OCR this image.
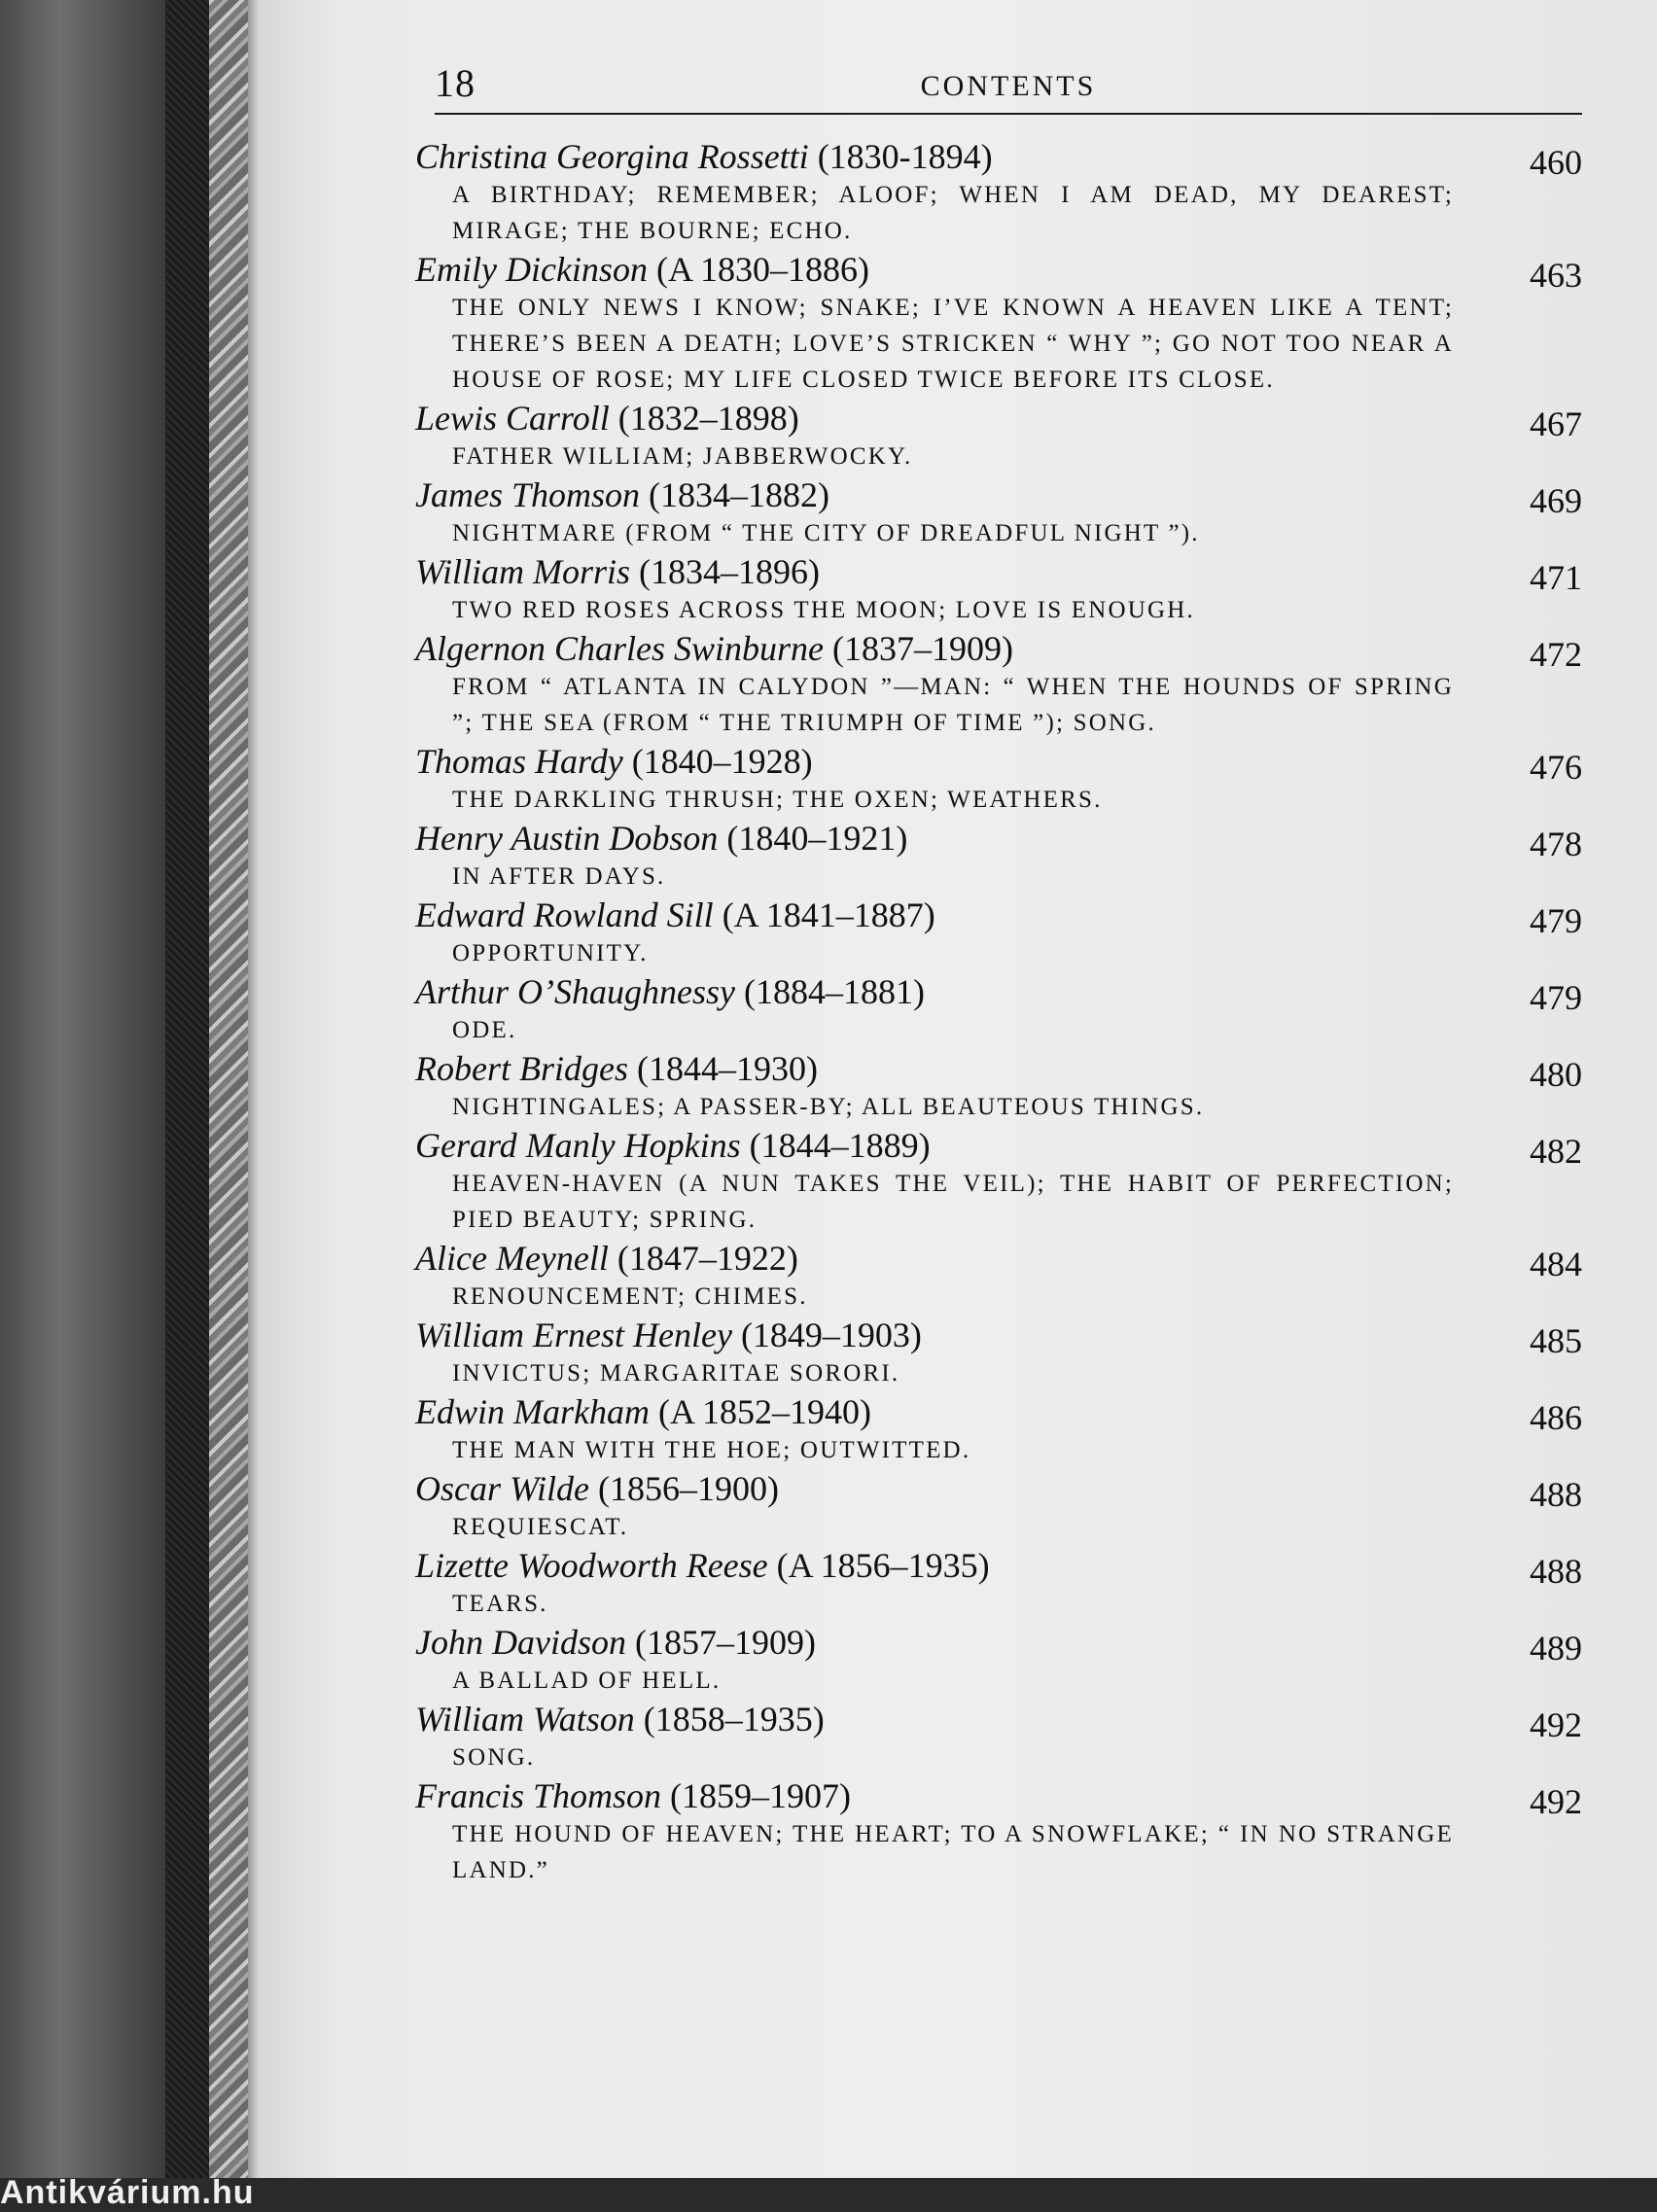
18	CONTENTS
Christina Georgina Rossetti (1830-1894)
A BIRTHDAY; REMEMBER; ALOOF; WHEN I AM DEAD, MY DEAREST; MIRAGE; THE BOURNE; ECHO.
460
Emily Dickinson (A 1830–1886)
THE ONLY NEWS I KNOW; SNAKE; I’VE KNOWN A HEAVEN LIKE A TENT; THERE’S BEEN A DEATH; LOVE’S STRICKEN “ WHY ”; GO NOT TOO NEAR A HOUSE OF ROSE; MY LIFE CLOSED TWICE BEFORE ITS CLOSE.
463
Lewis Carroll (1832–1898)
FATHER WILLIAM; JABBERWOCKY.
467
James Thomson (1834–1882)
NIGHTMARE (FROM “ THE CITY OF DREADFUL NIGHT ”).
469
William Morris (1834–1896)
TWO RED ROSES ACROSS THE MOON; LOVE IS ENOUGH.
471
Algernon Charles Swinburne (1837–1909)
FROM “ ATLANTA IN CALYDON ”—MAN: “ WHEN THE HOUNDS OF SPRING ”; THE SEA (FROM “ THE TRIUMPH OF TIME ”); SONG.
472
Thomas Hardy (1840–1928)
THE DARKLING THRUSH; THE OXEN; WEATHERS.
476
Henry Austin Dobson (1840–1921)
IN AFTER DAYS.
478
Edward Rowland Sill (A 1841–1887)
OPPORTUNITY.
479
Arthur O’Shaughnessy (1884–1881)
ODE.
479
Robert Bridges (1844–1930)
NIGHTINGALES; A PASSER-BY; ALL BEAUTEOUS THINGS.
480
Gerard Manly Hopkins (1844–1889)
HEAVEN-HAVEN (A NUN TAKES THE VEIL); THE HABIT OF PERFECTION; PIED BEAUTY; SPRING.
482
Alice Meynell (1847–1922)
RENOUNCEMENT; CHIMES.
484
William Ernest Henley (1849–1903)
INVICTUS; MARGARITAE SORORI.
485
Edwin Markham (A 1852–1940)
THE MAN WITH THE HOE; OUTWITTED.
486
Oscar Wilde (1856–1900)
REQUIESCAT.
488
Lizette Woodworth Reese (A 1856–1935)
TEARS.
488
John Davidson (1857–1909)
A BALLAD OF HELL.
489
William Watson (1858–1935)
SONG.
492
Francis Thomson (1859–1907)
THE HOUND OF HEAVEN; THE HEART; TO A SNOWFLAKE; “ IN NO STRANGE LAND.”
492
Antikvárium.hu
